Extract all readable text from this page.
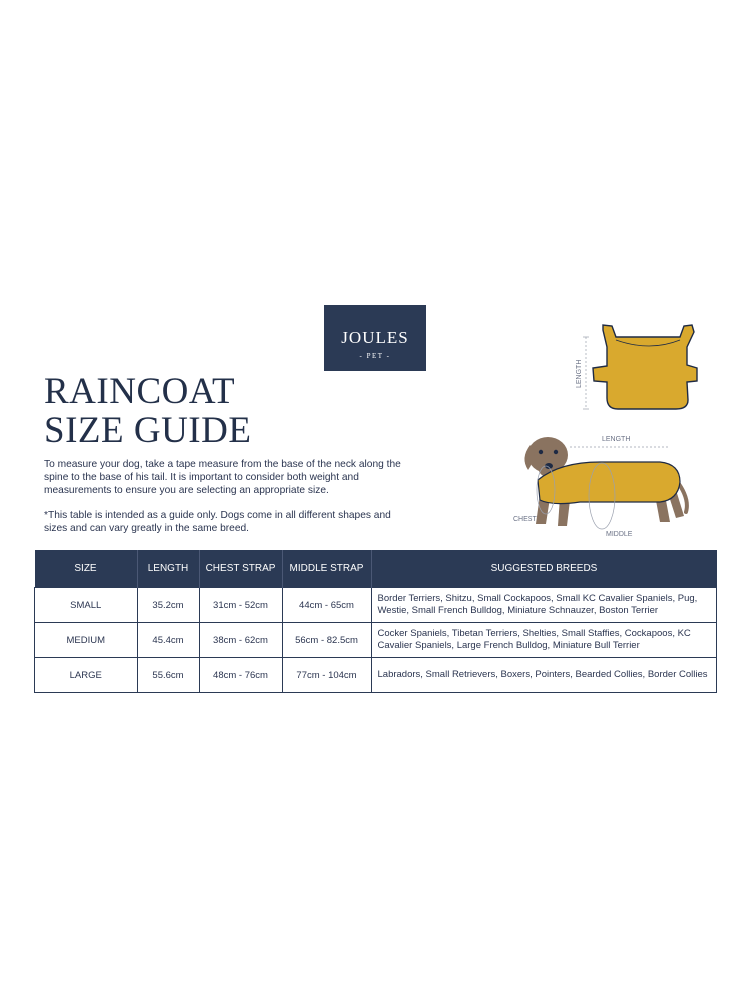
JOULES
- PET -
RAINCOAT
SIZE GUIDE

To measure your dog, take a tape measure from the base of the neck along the spine to the base of his tail. It is important to consider both weight and measurements to ensure you are selecting an appropriate size.

*This table is intended as a guide only. Dogs come in all different shapes and sizes and can vary greatly in the same breed.

LENGTH
LENGTH
CHEST
MIDDLE
SIZE	LENGTH	CHEST STRAP	MIDDLE STRAP	SUGGESTED BREEDS
SMALL	35.2cm	31cm - 52cm	44cm - 65cm	Border Terriers, Shitzu, Small Cockapoos, Small KC Cavalier Spaniels, Pug, Westie, Small French Bulldog, Miniature Schnauzer, Boston Terrier
MEDIUM	45.4cm	38cm - 62cm	56cm - 82.5cm	Cocker Spaniels, Tibetan Terriers, Shelties, Small Staffies, Cockapoos, KC Cavalier Spaniels, Large French Bulldog, Miniature Bull Terrier
LARGE	55.6cm	48cm - 76cm	77cm - 104cm	Labradors, Small Retrievers, Boxers, Pointers, Bearded Collies, Border Collies
